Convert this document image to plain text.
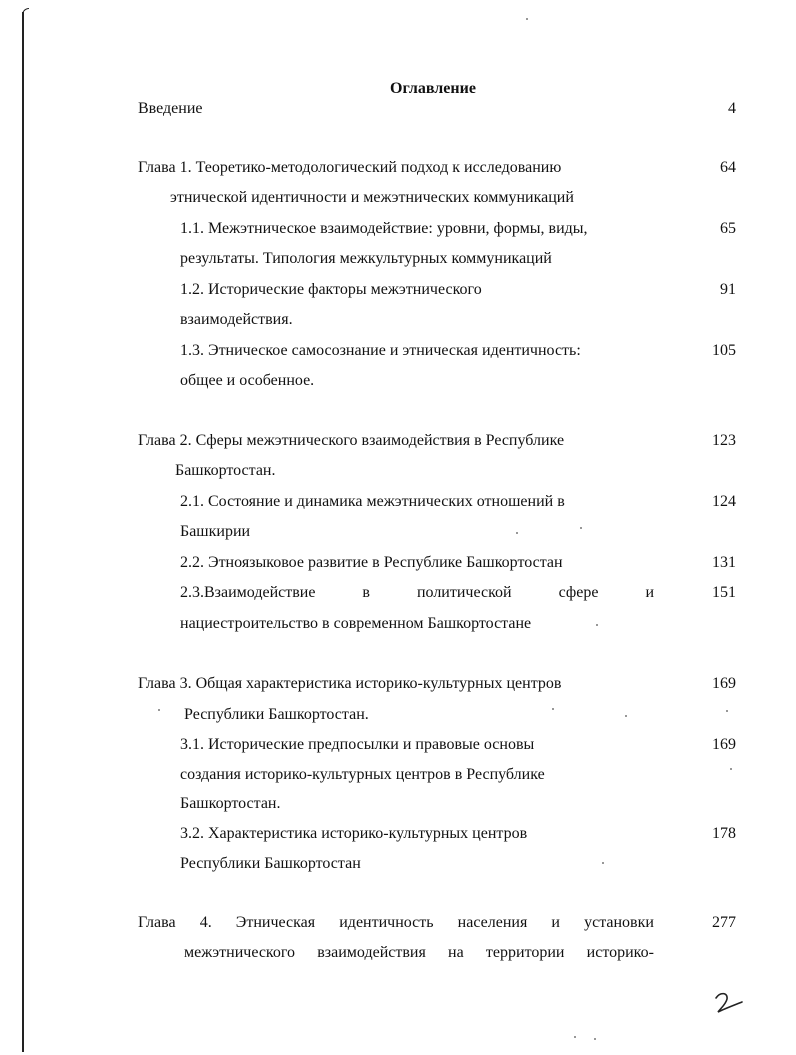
Оглавление
Введение	4
Глава 1. Теоретико-методологический подход к исследованию	64
этнической идентичности и межэтнических коммуникаций
1.1. Межэтническое взаимодействие: уровни, формы, виды,	65
результаты. Типология межкультурных коммуникаций
1.2. Исторические факторы межэтнического	91
взаимодействия.
1.3. Этническое самосознание и этническая идентичность:	105
общее и особенное.
Глава 2. Сферы межэтнического взаимодействия в Республике	123
Башкортостан.
2.1. Состояние и динамика межэтнических отношений в	124
Башкирии
2.2. Этноязыковое развитие в Республике Башкортостан	131
2.3.Взаимодействие	в	политической	сфере	и	151
нациестроительство в современном Башкортостане
Глава 3. Общая характеристика историко-культурных центров	169
Республики Башкортостан.
3.1. Исторические предпосылки и правовые основы	169
создания историко-культурных центров в Республике
Башкортостан.
3.2. Характеристика историко-культурных центров	178
Республики Башкортостан
Глава 4. Этническая идентичность населения и установки	277
межэтнического взаимодействия на территории историко-
